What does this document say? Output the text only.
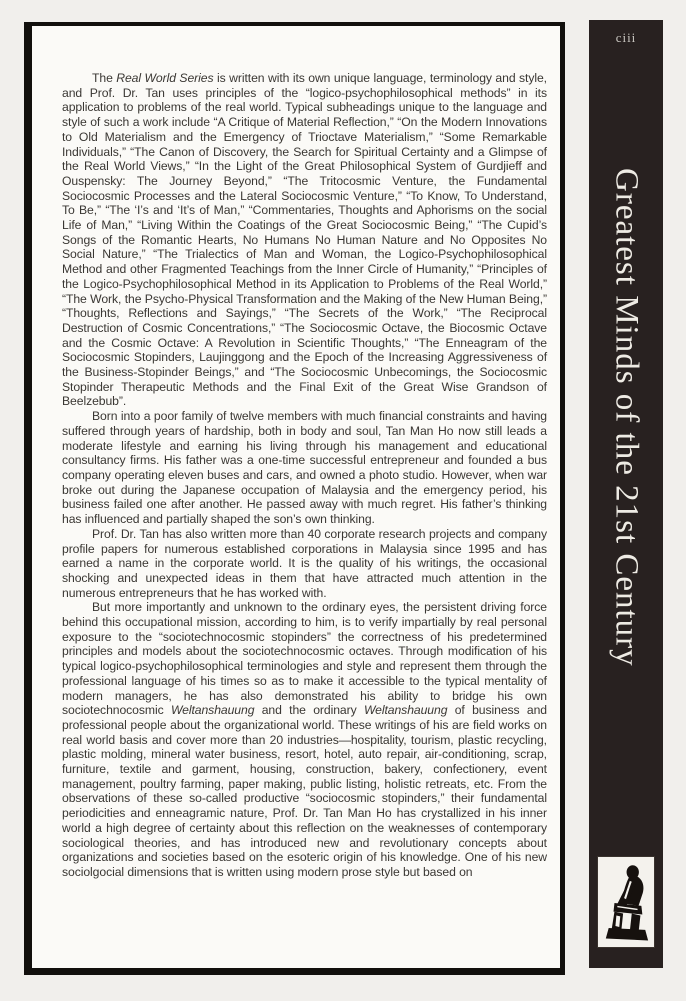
The Real World Series is written with its own unique language, terminology and style, and Prof. Dr. Tan uses principles of the “logico-psychophilosophical methods” in its application to problems of the real world. Typical subheadings unique to the language and style of such a work include “A Critique of Material Reflection,” “On the Modern Innovations to Old Materialism and the Emergency of Trioctave Materialism,” “Some Remarkable Individuals,” “The Canon of Discovery, the Search for Spiritual Certainty and a Glimpse of the Real World Views,” “In the Light of the Great Philosophical System of Gurdjieff and Ouspensky: The Journey Beyond,” “The Tritocosmic Venture, the Fundamental Sociocosmic Processes and the Lateral Sociocosmic Venture,” “To Know, To Understand, To Be,” “The ‘I’s and ‘It’s of Man,” “Commentaries, Thoughts and Aphorisms on the social Life of Man,” “Living Within the Coatings of the Great Sociocosmic Being,” “The Cupid’s Songs of the Romantic Hearts, No Humans No Human Nature and No Opposites No Social Nature,” “The Trialectics of Man and Woman, the Logico-Psychophilosophical Method and other Fragmented Teachings from the Inner Circle of Humanity,” “Principles of the Logico-Psychophilosophical Method in its Application to Problems of the Real World,” “The Work, the Psycho-Physical Transformation and the Making of the New Human Being,” “Thoughts, Reflections and Sayings,” “The Secrets of the Work,” “The Reciprocal Destruction of Cosmic Concentrations,” “The Sociocosmic Octave, the Biocosmic Octave and the Cosmic Octave: A Revolution in Scientific Thoughts,” “The Enneagram of the Sociocosmic Stopinders, Laujinggong and the Epoch of the Increasing Aggressiveness of the Business-Stopinder Beings,” and “The Sociocosmic Unbecomings, the Sociocosmic Stopinder Therapeutic Methods and the Final Exit of the Great Wise Grandson of Beelzebub”.

Born into a poor family of twelve members with much financial constraints and having suffered through years of hardship, both in body and soul, Tan Man Ho now still leads a moderate lifestyle and earning his living through his management and educational consultancy firms. His father was a one-time successful entrepreneur and founded a bus company operating eleven buses and cars, and owned a photo studio. However, when war broke out during the Japanese occupation of Malaysia and the emergency period, his business failed one after another. He passed away with much regret. His father’s thinking has influenced and partially shaped the son’s own thinking.

Prof. Dr. Tan has also written more than 40 corporate research projects and company profile papers for numerous established corporations in Malaysia since 1995 and has earned a name in the corporate world. It is the quality of his writings, the occasional shocking and unexpected ideas in them that have attracted much attention in the numerous entrepreneurs that he has worked with.

But more importantly and unknown to the ordinary eyes, the persistent driving force behind this occupational mission, according to him, is to verify impartially by real personal exposure to the “sociotechnocosmic stopinders” the correctness of his predetermined principles and models about the sociotechnocosmic octaves. Through modification of his typical logico-psychophilosophical terminologies and style and represent them through the professional language of his times so as to make it accessible to the typical mentality of modern managers, he has also demonstrated his ability to bridge his own sociotechnocosmic Weltanshauung and the ordinary Weltanshauung of business and professional people about the organizational world. These writings of his are field works on real world basis and cover more than 20 industries—hospitality, tourism, plastic recycling, plastic molding, mineral water business, resort, hotel, auto repair, air-conditioning, scrap, furniture, textile and garment, housing, construction, bakery, confectionery, event management, poultry farming, paper making, public listing, holistic retreats, etc. From the observations of these so-called productive “sociocosmic stopinders,” their fundamental periodicities and enneagramic nature, Prof. Dr. Tan Man Ho has crystallized in his inner world a high degree of certainty about this reflection on the weaknesses of contemporary sociological theories, and has introduced new and revolutionary concepts about organizations and societies based on the esoteric origin of his knowledge. One of his new sociolgocial dimensions that is written using modern prose style but based on

ciii
Greatest Minds of the 21st Century
